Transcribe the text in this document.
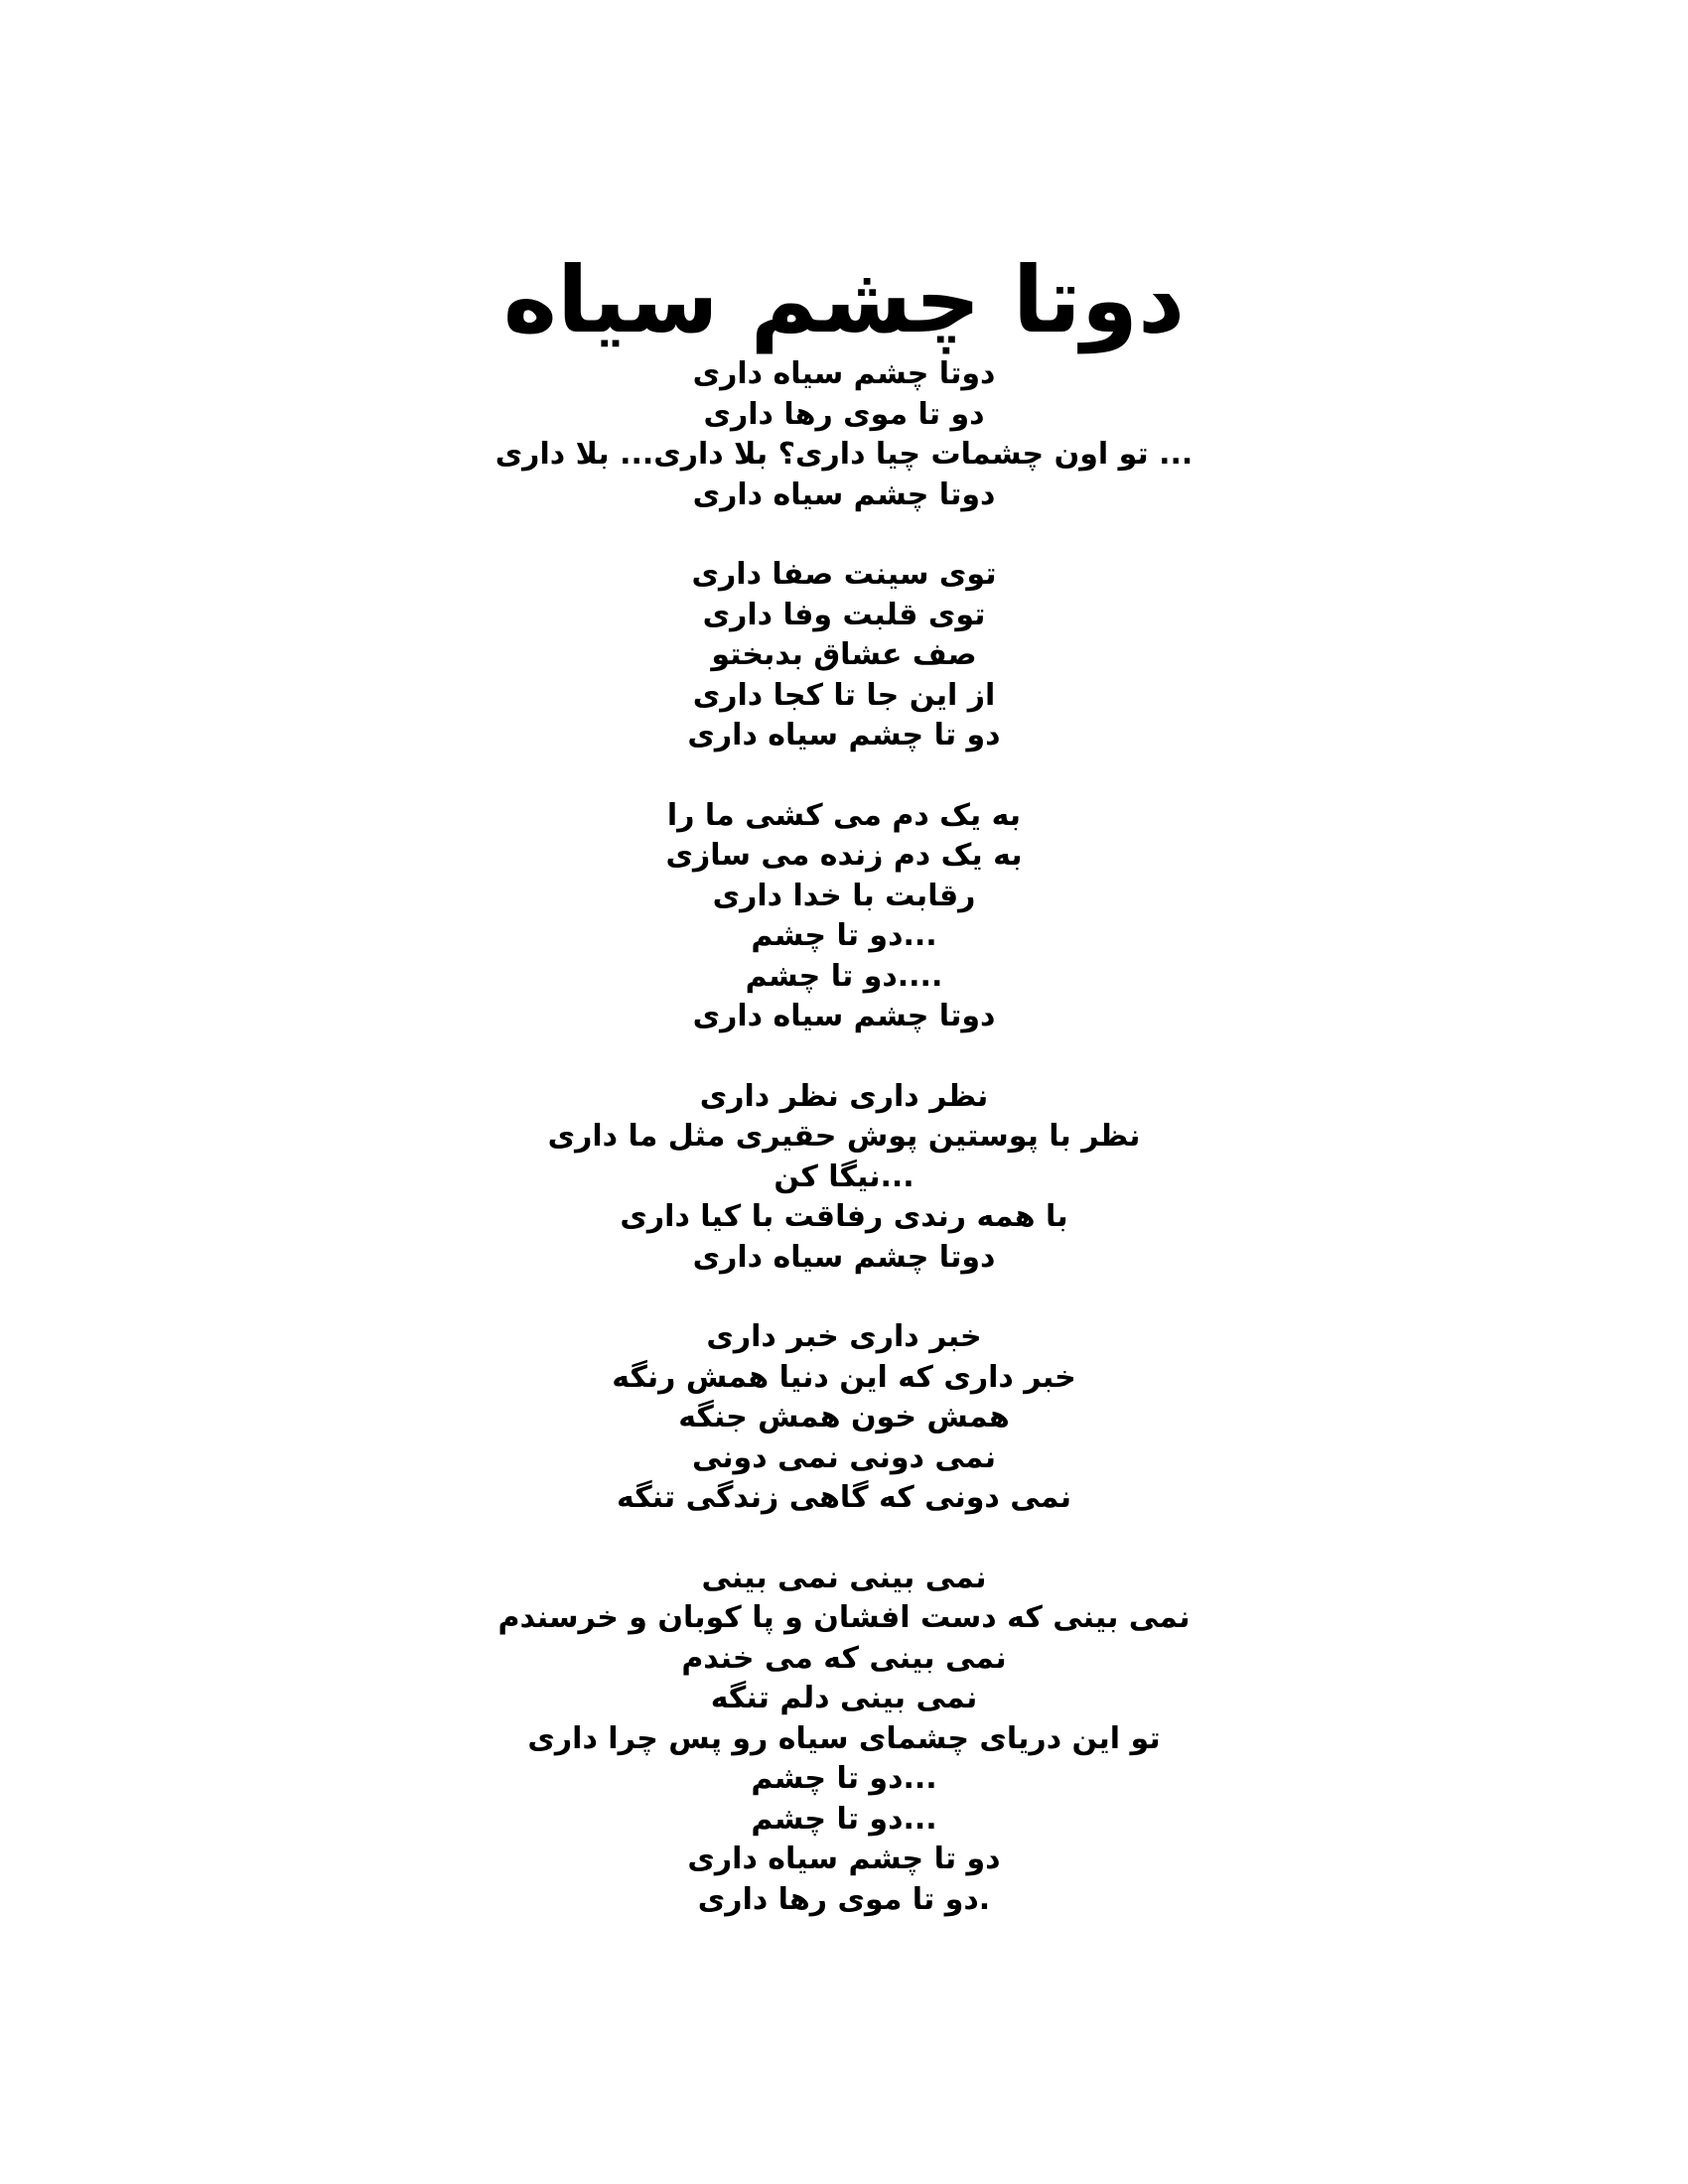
دوتا چشم سیاه
دوتا چشم سیاه داری
دو تا موی رها داری
... تو اون چشمات چیا داری؟ بلا داری... بلا داری
دوتا چشم سیاه داری
توی سینت صفا داری
توی قلبت وفا داری
صف عشاق بدبختو
از این جا تا کجا داری
دو تا چشم سیاه داری
به یک دم می کشی ما را
به یک دم زنده می سازی
رقابت با خدا داری
...دو تا چشم
....دو تا چشم
دوتا چشم سیاه داری
نظر داری نظر داری
نظر با پوستین پوش حقیری مثل ما داری
...نیگا کن
با همه رندی رفاقت با کیا داری
دوتا چشم سیاه داری
خبر داری خبر داری
خبر داری که این دنیا همش رنگه
همش خون همش جنگه
نمی دونی نمی دونی
نمی دونی که گاهی زندگی تنگه
نمی بینی نمی بینی
نمی بینی که دست افشان و پا کوبان و خرسندم
نمی بینی که می خندم
نمی بینی دلم تنگه
تو این دریای چشمای سیاه رو پس چرا داری
...دو تا چشم
...دو تا چشم
دو تا چشم سیاه داری
.دو تا موی رها داری
